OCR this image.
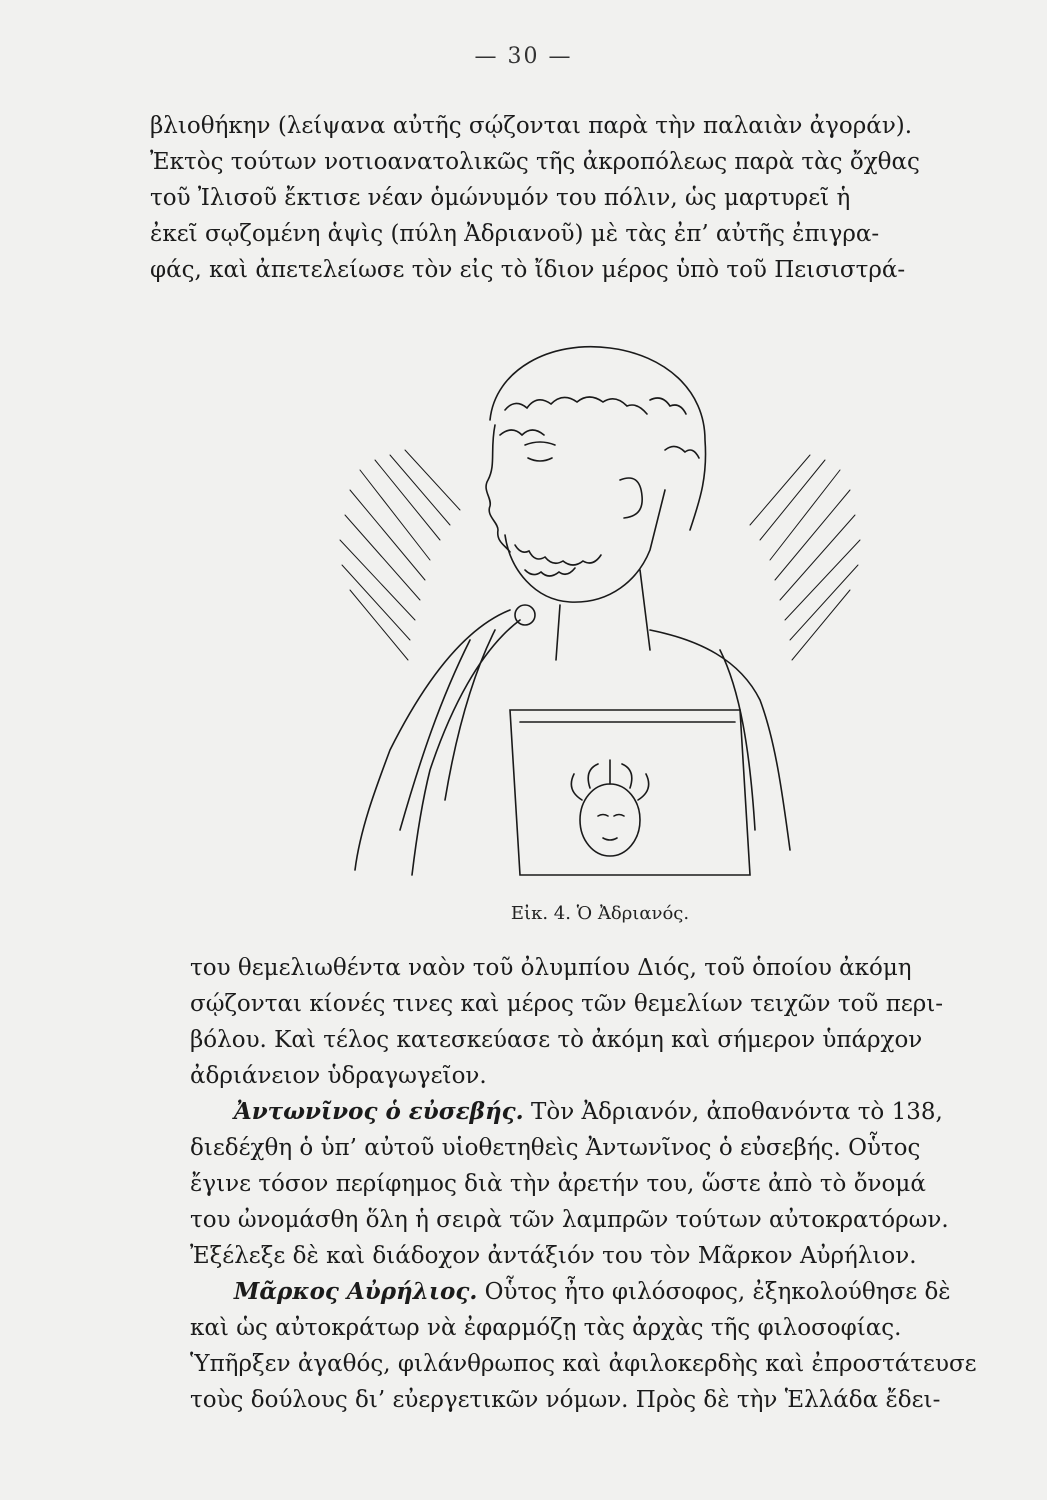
— 30 —
βλιοθήκην (λείψανα αὐτῆς σῴζονται παρὰ τὴν παλαιὰν ἀγοράν).
Ἐκτὸς τούτων νοτιοανατολικῶς τῆς ἀκροπόλεως παρὰ τὰς ὄχθας
τοῦ Ἰλισοῦ ἔκτισε νέαν ὁμώνυμόν του πόλιν, ὡς μαρτυρεῖ ἡ
ἐκεῖ σῳζομένη ἁψὶς (πύλη Ἀδριανοῦ) μὲ τὰς ἐπ’ αὐτῆς ἐπιγρα-
φάς, καὶ ἀπετελείωσε τὸν εἰς τὸ ἴδιον μέρος ὑπὸ τοῦ Πεισιστρά-
Εἰκ. 4. Ὁ Ἀδριανός.
του θεμελιωθέντα ναὸν τοῦ ὀλυμπίου Διός, τοῦ ὁποίου ἀκόμη
σῴζονται κίονές τινες καὶ μέρος τῶν θεμελίων τειχῶν τοῦ περι-
βόλου. Καὶ τέλος κατεσκεύασε τὸ ἀκόμη καὶ σήμερον ὑπάρχον
ἀδριάνειον ὑδραγωγεῖον.
Ἀντωνῖνος ὁ εὐσεβής. Τὸν Ἀδριανόν, ἀποθανόντα τὸ 138,
διεδέχθη ὁ ὑπ’ αὐτοῦ υἱοθετηθεὶς Ἀντωνῖνος ὁ εὐσεβής. Οὗτος
ἔγινε τόσον περίφημος διὰ τὴν ἀρετήν του, ὥστε ἀπὸ τὸ ὄνομά
του ὠνομάσθη ὅλη ἡ σειρὰ τῶν λαμπρῶν τούτων αὐτοκρατόρων.
Ἐξέλεξε δὲ καὶ διάδοχον ἀντάξιόν του τὸν Μᾶρκον Αὐρήλιον.
Μᾶρκος Αὐρήλιος. Οὗτος ἦτο φιλόσοφος, ἐξηκολούθησε δὲ
καὶ ὡς αὐτοκράτωρ νὰ ἐφαρμόζῃ τὰς ἀρχὰς τῆς φιλοσοφίας.
Ὑπῆρξεν ἀγαθός, φιλάνθρωπος καὶ ἀφιλοκερδὴς καὶ ἐπροστάτευσε
τοὺς δούλους δι’ εὐεργετικῶν νόμων. Πρὸς δὲ τὴν Ἑλλάδα ἔδει-
